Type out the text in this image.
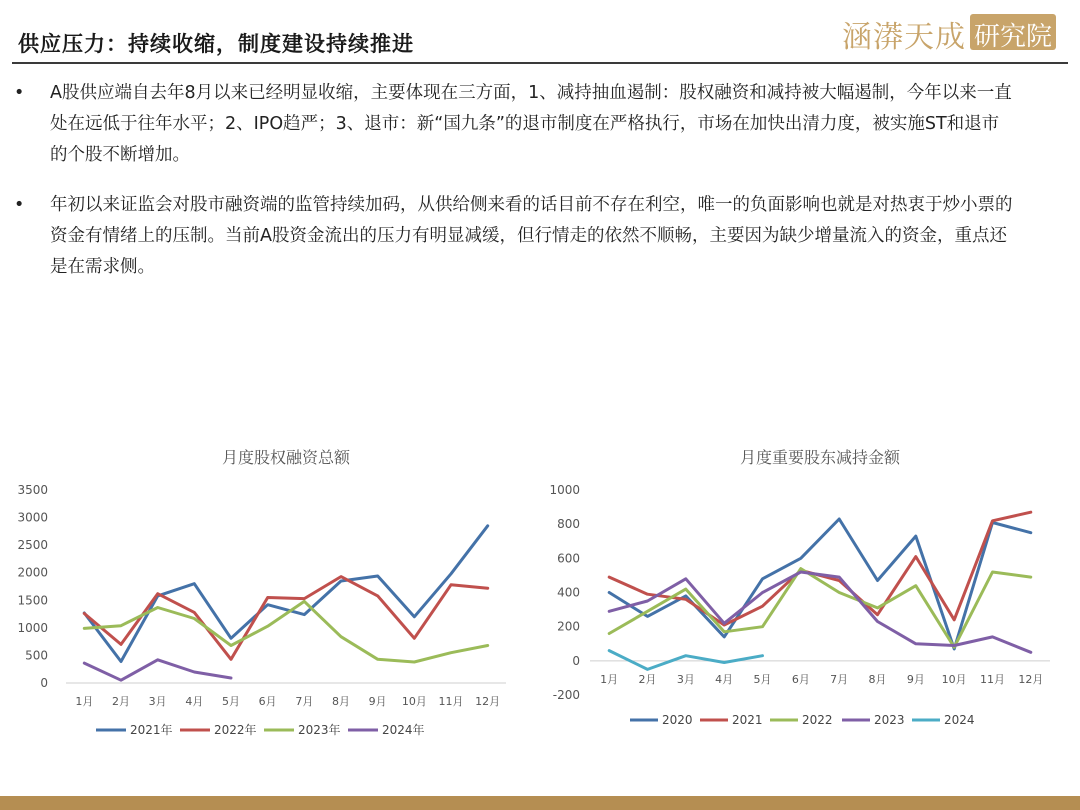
供应压力：持续收缩，制度建设持续推进	涵漭天成 研究院
• A股供应端自去年8月以来已经明显收缩，主要体现在三方面，1、减持抽血遏制：股权融资和减持被大幅遏制，今年以来一直处在远低于往年水平；2、IPO趋严；3、退市：新“国九条”的退市制度在严格执行，市场在加快出清力度，被实施ST和退市的个股不断增加。
• 年初以来证监会对股市融资端的监管持续加码，从供给侧来看的话目前不存在利空，唯一的负面影响也就是对热衷于炒小票的资金有情绪上的压制。当前A股资金流出的压力有明显减缓，但行情走的依然不顺畅，主要因为缺少增量流入的资金，重点还是在需求侧。
月度股权融资总额
0
500
1000
1500
2000
2500
3000
3500
1月 2月 3月 4月 5月 6月 7月 8月 9月 10月 11月 12月
2021年	2022年	2023年	2024年
月度重要股东减持金额
-200
0
200
400
600
800
1000
1月 2月 3月 4月 5月 6月 7月 8月 9月 10月 11月 12月
2020	2021	2022	2023	2024
